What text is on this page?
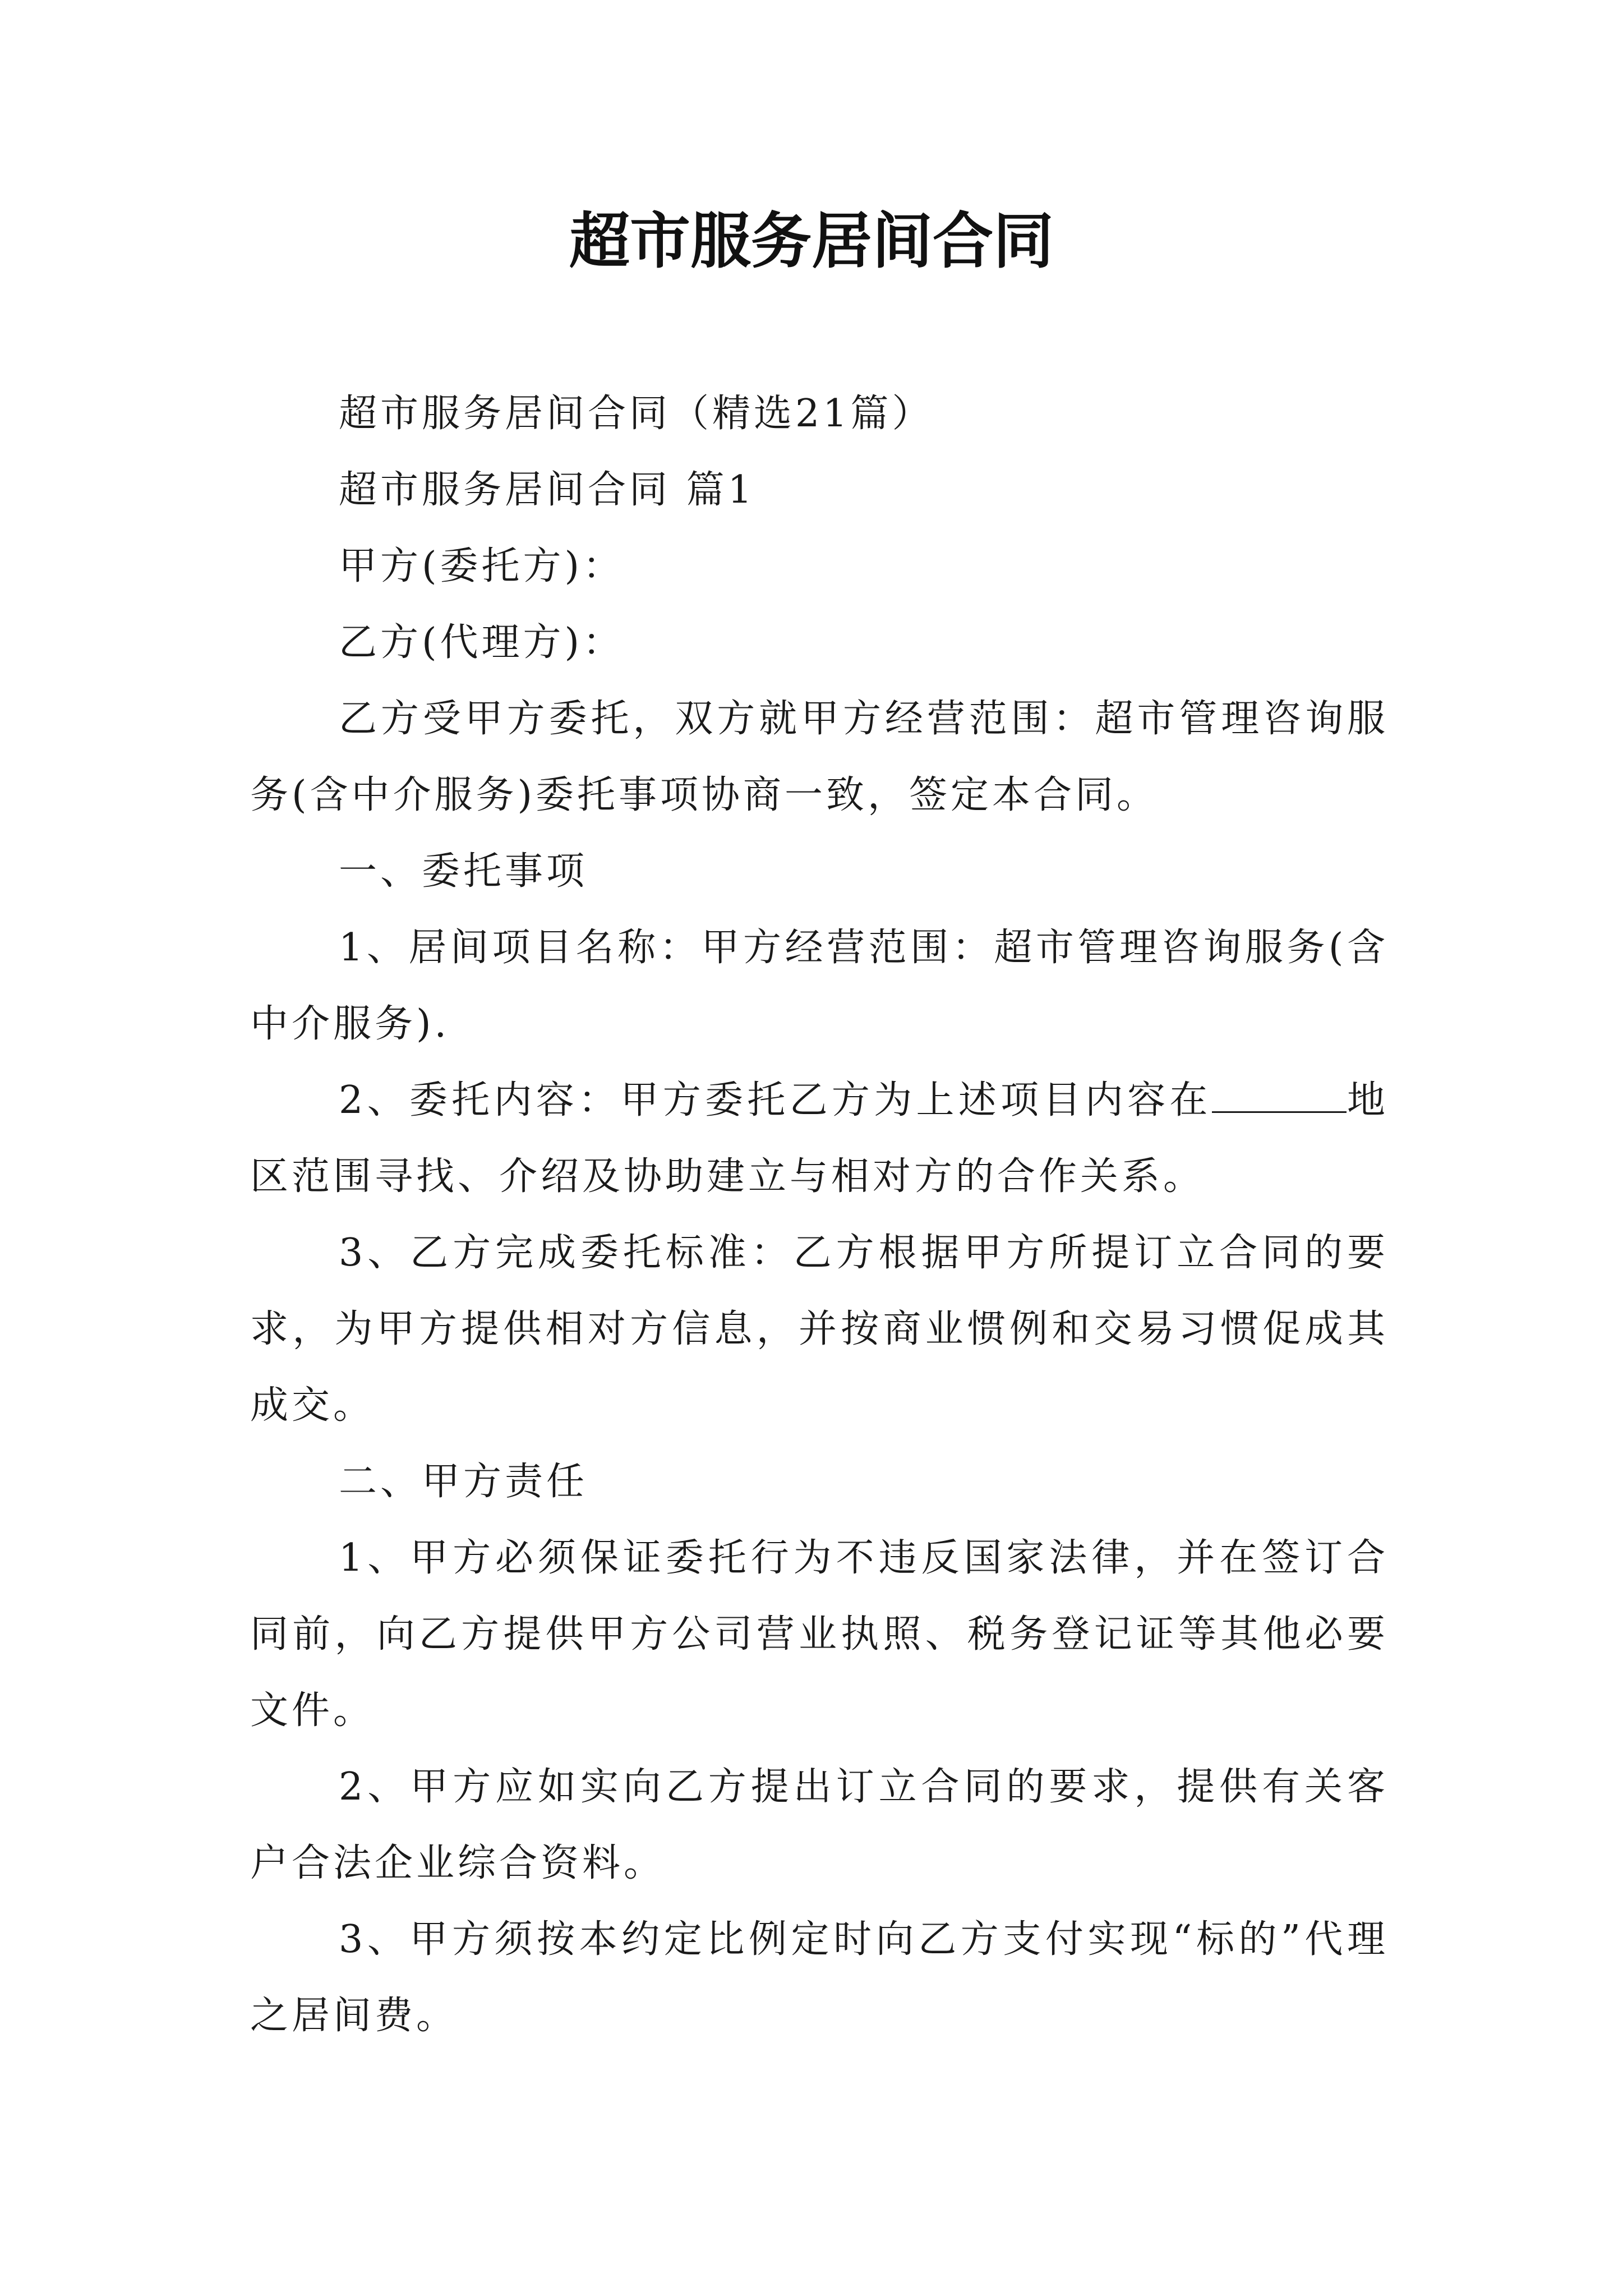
超市服务居间合同

超市服务居间合同（精选21篇）

超市服务居间合同 篇1

甲方(委托方)：

乙方(代理方)：

乙方受甲方委托，双方就甲方经营范围：超市管理咨询服务(含中介服务)委托事项协商一致，签定本合同。

一、委托事项

1、居间项目名称：甲方经营范围：超市管理咨询服务(含中介服务).

2、委托内容：甲方委托乙方为上述项目内容在	地区范围寻找、介绍及协助建立与相对方的合作关系。

3、乙方完成委托标准：乙方根据甲方所提订立合同的要求，为甲方提供相对方信息，并按商业惯例和交易习惯促成其成交。

二、甲方责任

1、甲方必须保证委托行为不违反国家法律，并在签订合同前，向乙方提供甲方公司营业执照、税务登记证等其他必要文件。

2、甲方应如实向乙方提出订立合同的要求，提供有关客户合法企业综合资料。

3、甲方须按本约定比例定时向乙方支付实现“标的”代理之居间费。
